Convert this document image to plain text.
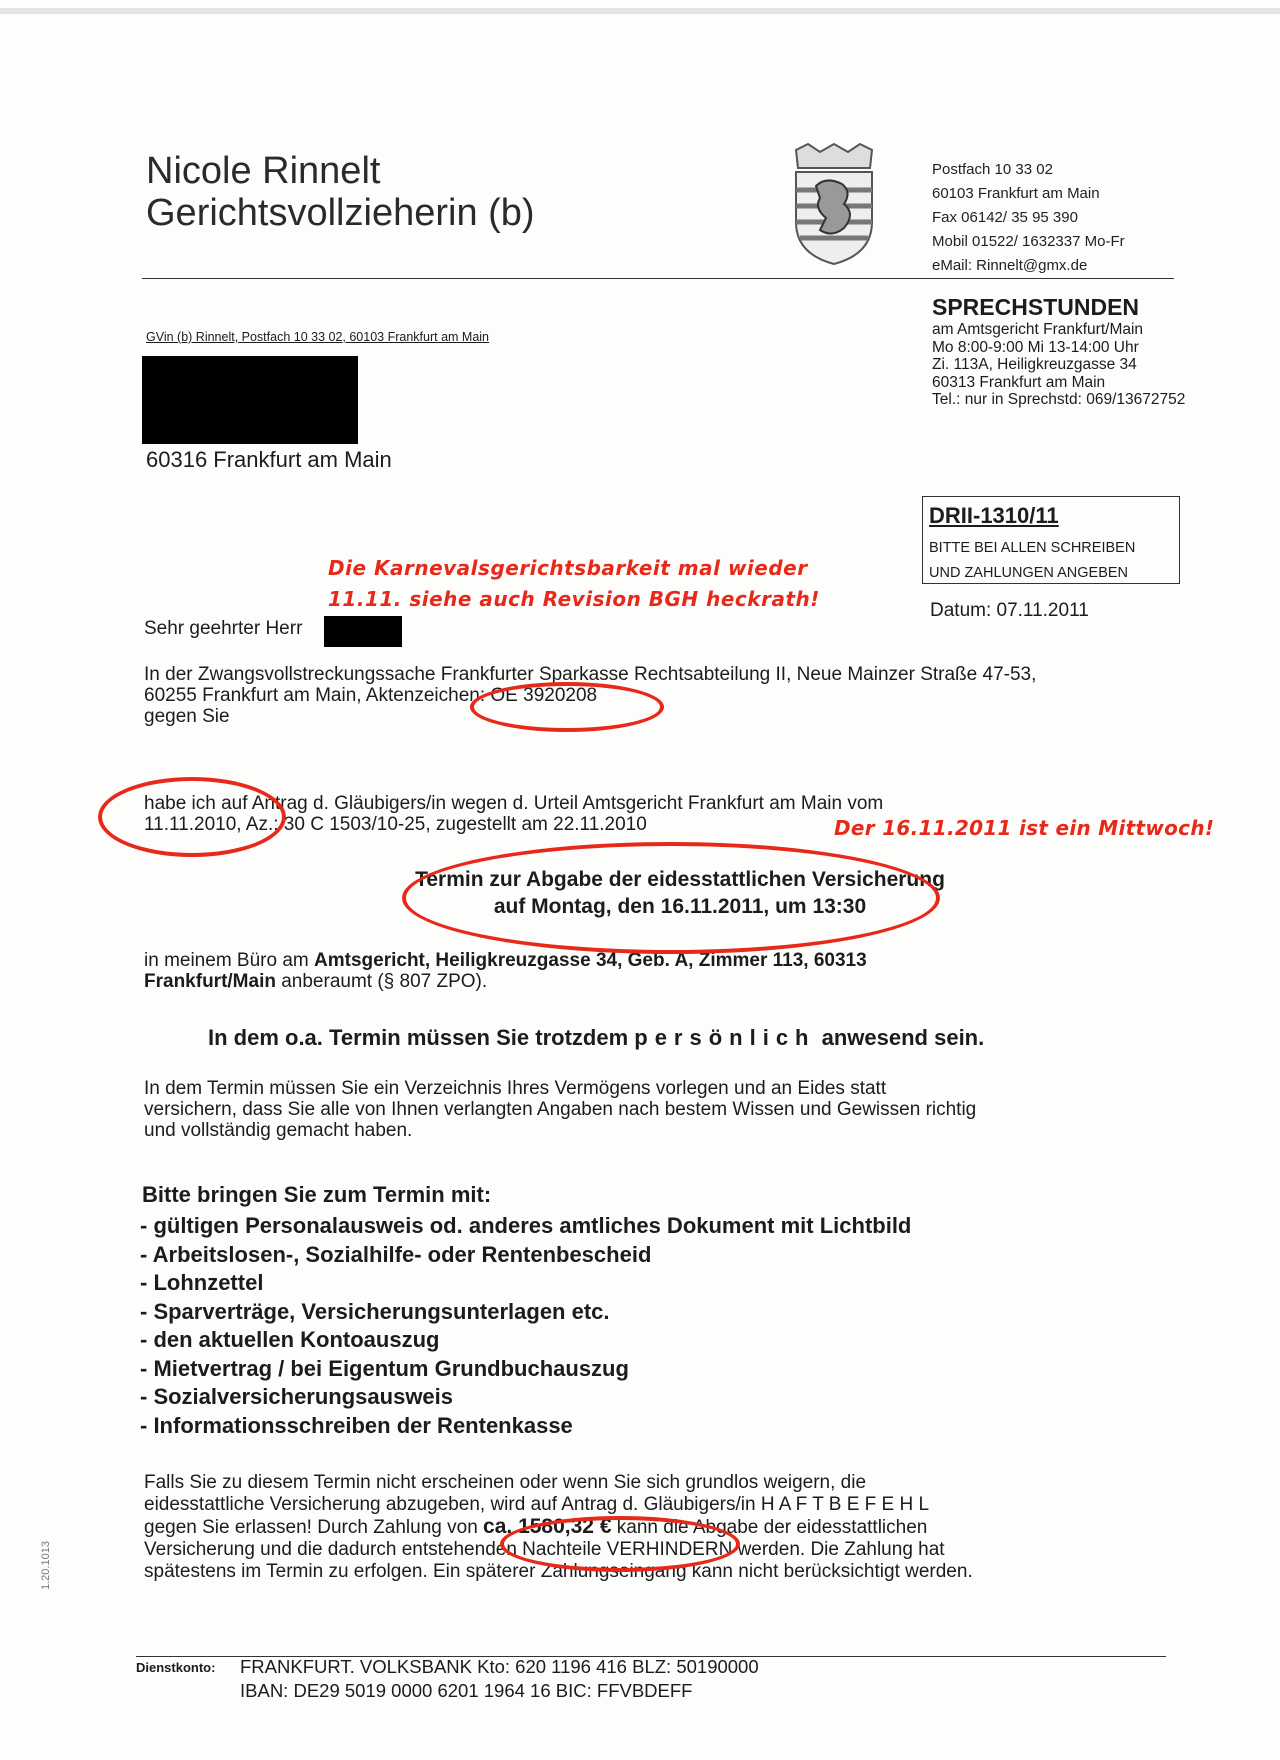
Nicole Rinnelt
Gerichtsvollzieherin (b)
Postfach 10 33 02
60103 Frankfurt am Main
Fax 06142/ 35 95 390
Mobil 01522/ 1632337 Mo-Fr
eMail: Rinnelt@gmx.de
SPRECHSTUNDEN
am Amtsgericht Frankfurt/Main
Mo 8:00-9:00 Mi 13-14:00 Uhr
Zi. 113A, Heiligkreuzgasse 34
60313 Frankfurt am Main
Tel.: nur in Sprechstd: 069/13672752
GVin (b) Rinnelt, Postfach 10 33 02, 60103 Frankfurt am Main
60316 Frankfurt am Main
DRII-1310/11
BITTE BEI ALLEN SCHREIBEN
UND ZAHLUNGEN ANGEBEN
Die Karnevalsgerichtsbarkeit mal wieder
11.11. siehe auch Revision BGH heckrath!	Datum: 07.11.2011
Sehr geehrter Herr
In der Zwangsvollstreckungssache Frankfurter Sparkasse Rechtsabteilung II, Neue Mainzer Straße 47-53,
60255 Frankfurt am Main, Aktenzeichen: OE 3920208
gegen Sie
habe ich auf Antrag d. Gläubigers/in wegen d. Urteil Amtsgericht Frankfurt am Main vom
11.11.2010, Az.: 30 C 1503/10-25, zugestellt am 22.11.2010	Der 16.11.2011 ist ein Mittwoch!
Termin zur Abgabe der eidesstattlichen Versicherung
auf Montag, den 16.11.2011, um 13:30
in meinem Büro am Amtsgericht, Heiligkreuzgasse 34, Geb. A, Zimmer 113, 60313
Frankfurt/Main anberaumt (§ 807 ZPO).
In dem o.a. Termin müssen Sie trotzdem persönlich anwesend sein.
In dem Termin müssen Sie ein Verzeichnis Ihres Vermögens vorlegen und an Eides statt
versichern, dass Sie alle von Ihnen verlangten Angaben nach bestem Wissen und Gewissen richtig
und vollständig gemacht haben.
Bitte bringen Sie zum Termin mit:
- gültigen Personalausweis od. anderes amtliches Dokument mit Lichtbild
- Arbeitslosen-, Sozialhilfe- oder Rentenbescheid
- Lohnzettel
- Sparverträge, Versicherungsunterlagen etc.
- den aktuellen Kontoauszug
- Mietvertrag / bei Eigentum Grundbuchauszug
- Sozialversicherungsausweis
- Informationsschreiben der Rentenkasse
Falls Sie zu diesem Termin nicht erscheinen oder wenn Sie sich grundlos weigern, die
eidesstattliche Versicherung abzugeben, wird auf Antrag d. Gläubigers/in H A F T B E F E H L
gegen Sie erlassen! Durch Zahlung von ca. 1580,32 € kann die Abgabe der eidesstattlichen
Versicherung und die dadurch entstehenden Nachteile VERHINDERN werden. Die Zahlung hat
spätestens im Termin zu erfolgen. Ein späterer Zahlungseingang kann nicht berücksichtigt werden.
Dienstkonto: FRANKFURT. VOLKSBANK Kto: 620 1196 416 BLZ: 50190000
IBAN: DE29 5019 0000 6201 1964 16 BIC: FFVBDEFF
1.20.1013
